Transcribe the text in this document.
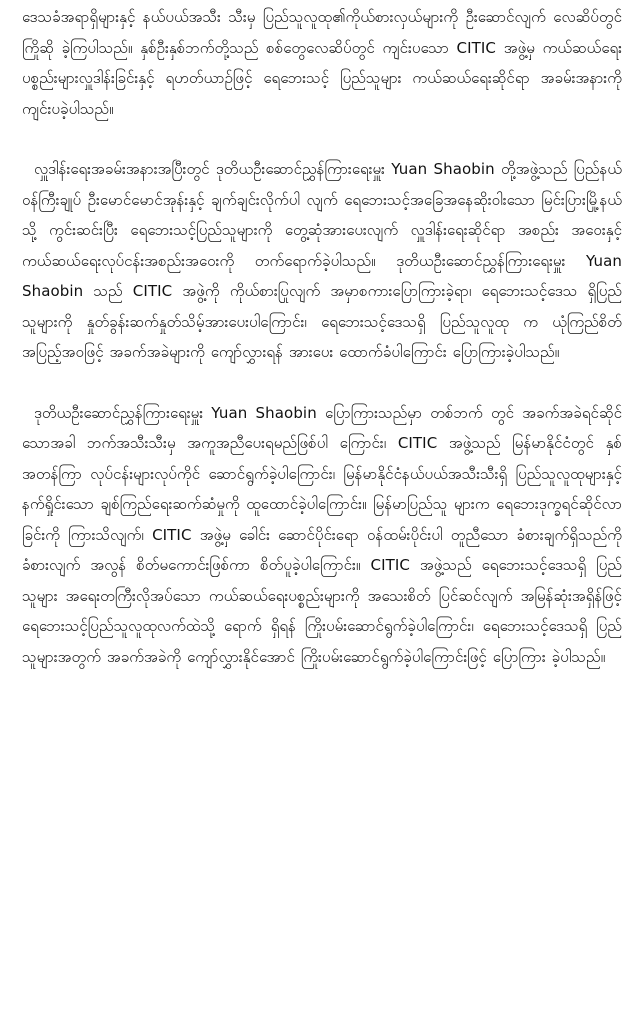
ဒေသခံအရာရှိများနှင့် နယ်ပယ်အသီး သီးမှ ပြည်သူလူထု၏ကိုယ်စားလှယ်များကို ဦးဆောင်လျက် လေဆိပ်တွင် ကြိုဆို ခဲ့ကြပါသည်။ နှစ်ဦးနှစ်ဘက်တို့သည် စစ်တွေလေဆိပ်တွင် ကျင်းပသော CITIC အဖွဲ့မှ ကယ်ဆယ်ရေးပစ္စည်းများလှူဒါန်းခြင်းနှင့် ရဟတ်ယာဉ်ဖြင့် ရေဘေးသင့် ပြည်သူများ ကယ်ဆယ်ရေးဆိုင်ရာ အခမ်းအနားကို ကျင်းပခဲ့ပါသည်။

လှူဒါန်းရေးအခမ်းအနားအပြီးတွင် ဒုတိယဦးဆောင်ညွှန်ကြားရေးမှူး Yuan Shaobin တို့အဖွဲ့သည် ပြည်နယ်ဝန်ကြီးချုပ် ဦးမောင်မောင်အုန်းနှင့် ချက်ချင်းလိုက်ပါ လျက် ရေဘေးသင့်အခြေအနေဆိုးဝါးသော မြင်းပြားမြို့နယ်သို့ ကွင်းဆင်းပြီး ရေဘေးသင့်ပြည်သူများကို တွေ့ဆုံအားပေးလျက် လှူဒါန်းရေးဆိုင်ရာ အစည်း အဝေးနှင့် ကယ်ဆယ်ရေးလုပ်ငန်းအစည်းအဝေးကို တက်ရောက်ခဲ့ပါသည်။ ဒုတိယဦးဆောင်ညွှန်ကြားရေးမှူး Yuan Shaobin သည် CITIC အဖွဲ့ကို ကိုယ်စားပြုလျက် အမှာစကားပြောကြားခဲ့ရာ၊ ရေဘေးသင့်ဒေသ ရှိပြည်သူများကို နှုတ်ခွန်းဆက်နှုတ်သိမ့်အားပေးပါကြောင်း၊ ရေဘေးသင့်ဒေသရှိ ပြည်သူလူထု က ယုံကြည်စိတ်အပြည့်အဝဖြင့် အခက်အခဲများကို ကျော်လွှားရန် အားပေး ထောက်ခံပါကြောင်း ပြောကြားခဲ့ပါသည်။

ဒုတိယဦးဆောင်ညွှန်ကြားရေးမှူး Yuan Shaobin ပြောကြားသည်မှာ တစ်ဘက် တွင် အခက်အခဲရင်ဆိုင်သောအခါ ဘက်အသီးသီးမှ အကူအညီပေးရမည်ဖြစ်ပါ ကြောင်း၊ CITIC အဖွဲ့သည် မြန်မာနိုင်ငံတွင် နှစ်အတန်ကြာ လုပ်ငန်းများလုပ်ကိုင် ဆောင်ရွက်ခဲ့ပါကြောင်း၊ မြန်မာနိုင်ငံနယ်ပယ်အသီးသီးရှိ ပြည်သူလူထုများနှင့် နက်ရှိုင်းသော ချစ်ကြည်ရေးဆက်ဆံမှုကို ထူထောင်ခဲ့ပါကြောင်း။ မြန်မာပြည်သူ များက ရေဘေးဒုက္ခရင်ဆိုင်လာခြင်းကို ကြားသိလျက်၊ CITIC အဖွဲ့မှ ခေါင်း ဆောင်ပိုင်းရော ဝန်ထမ်းပိုင်းပါ တူညီသော ခံစားချက်ရှိသည်ကို ခံစားလျက် အလွန် စိတ်မကောင်းဖြစ်ကာ စိတ်ပူခဲ့ပါကြောင်း။ CITIC အဖွဲ့သည် ရေဘေးသင့်ဒေသရှိ ပြည်သူများ အရေးတကြီးလိုအပ်သော ကယ်ဆယ်ရေးပစ္စည်းများကို အသေးစိတ် ပြင်ဆင်လျက် အမြန်ဆုံးအရှိန်ဖြင့် ရေဘေးသင့်ပြည်သူလူထုလက်ထဲသို့ ရောက် ရှိရန် ကြိုးပမ်းဆောင်ရွက်ခဲ့ပါကြောင်း၊ ရေဘေးသင့်ဒေသရှိ ပြည်သူများအတွက် အခက်အခဲကို ကျော်လွှားနိုင်အောင် ကြိုးပမ်းဆောင်ရွက်ခဲ့ပါကြောင်းဖြင့် ပြောကြား ခဲ့ပါသည်။
